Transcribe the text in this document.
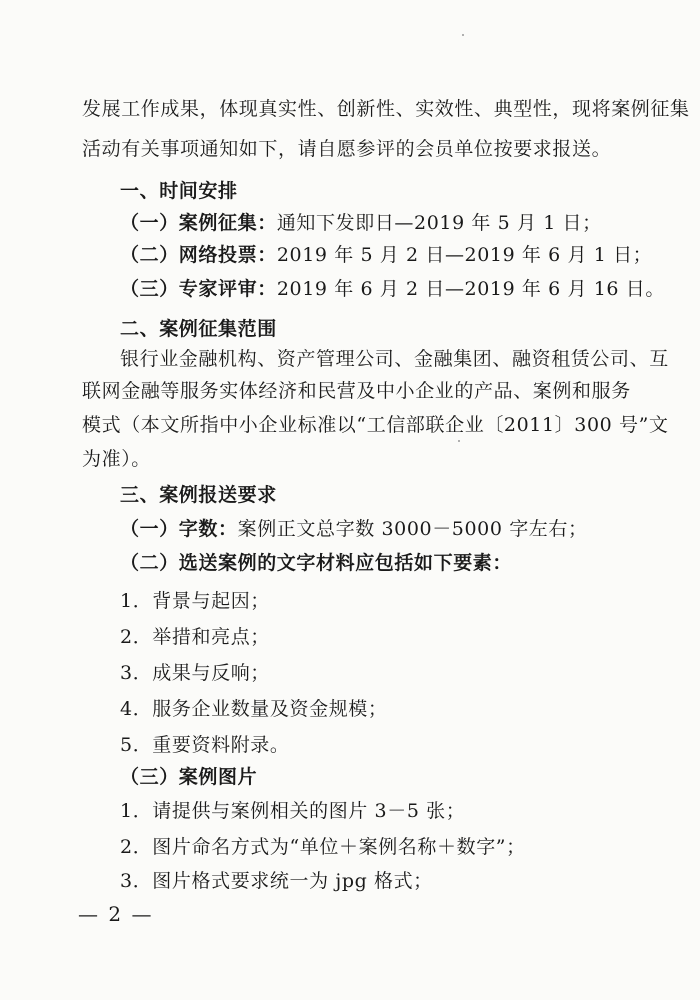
发展工作成果，体现真实性、创新性、实效性、典型性，现将案例征集
活动有关事项通知如下，请自愿参评的会员单位按要求报送。
一、时间安排
（一）案例征集：通知下发即日—2019 年 5 月 1 日；
（二）网络投票：2019 年 5 月 2 日—2019 年 6 月 1 日；
（三）专家评审：2019 年 6 月 2 日—2019 年 6 月 16 日。
二、案例征集范围
银行业金融机构、资产管理公司、金融集团、融资租赁公司、互
联网金融等服务实体经济和民营及中小企业的产品、案例和服务
模式（本文所指中小企业标准以“工信部联企业〔2011〕300 号”文
为准）。
三、案例报送要求
（一）字数：案例正文总字数 3000－5000 字左右；
（二）选送案例的文字材料应包括如下要素：
1．背景与起因；
2．举措和亮点；
3．成果与反响；
4．服务企业数量及资金规模；
5．重要资料附录。
（三）案例图片
1．请提供与案例相关的图片 3－5 张；
2．图片命名方式为“单位＋案例名称＋数字”；
3．图片格式要求统一为 jpg 格式；
— 2 —
